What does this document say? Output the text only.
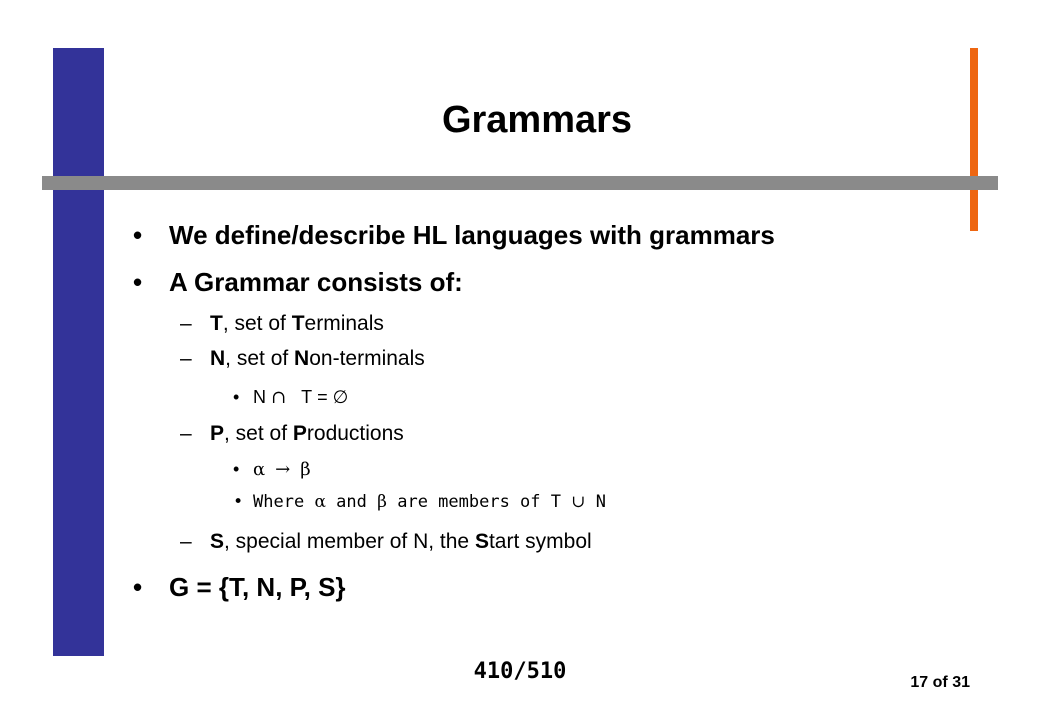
Grammars
• We define/describe HL languages with grammars
• A Grammar consists of:
– T, set of Terminals
– N, set of Non-terminals
• N ∩ T = ∅
– P, set of Productions
• α → β
• Where α and β are members of T ∪ N
– S, special member of N, the Start symbol
• G = {T, N, P, S}
410/510	17 of 31
